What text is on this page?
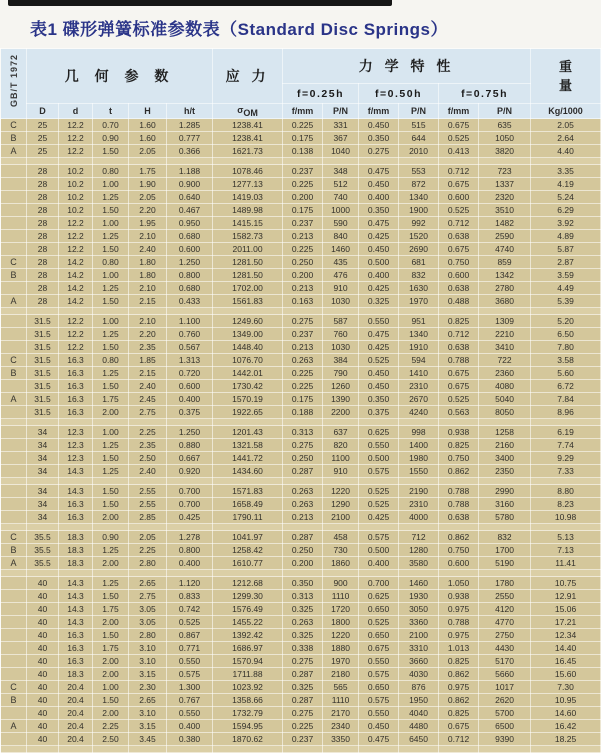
表1 碟形弹簧标准参数表（Standard Disc Springs）
GB/T 1972	几 何 参 数					应 力	力 学 特 性						重
量

							f=0.25h		f=0.50h		f=0.75h		
	D	d	t	H	h/t	$\sigma_{OM}$	f/mm	P/N	f/mm	P/N	f/mm	P/N	Kg/1000
C	25	12.2	0.70	1.60	1.285	1238.41	0.225	331	0.450	515	0.675	635	2.05
B	25	12.2	0.90	1.60	0.777	1238.41	0.175	367	0.350	644	0.525	1050	2.64
A	25	12.2	1.50	2.05	0.366	1621.73	0.138	1040	0.275	2010	0.413	3820	4.40

	28	10.2	0.80	1.75	1.188	1078.46	0.237	348	0.475	553	0.712	723	3.35
	28	10.2	1.00	1.90	0.900	1277.13	0.225	512	0.450	872	0.675	1337	4.19
	28	10.2	1.25	2.05	0.640	1419.03	0.200	740	0.400	1340	0.600	2320	5.24
	28	10.2	1.50	2.20	0.467	1489.98	0.175	1000	0.350	1900	0.525	3510	6.29
	28	12.2	1.00	1.95	0.950	1415.15	0.237	590	0.475	992	0.712	1482	3.92
	28	12.2	1.25	2.10	0.680	1582.73	0.213	840	0.425	1520	0.638	2590	4.89
	28	12.2	1.50	2.40	0.600	2011.00	0.225	1460	0.450	2690	0.675	4740	5.87
C	28	14.2	0.80	1.80	1.250	1281.50	0.250	435	0.500	681	0.750	859	2.87
B	28	14.2	1.00	1.80	0.800	1281.50	0.200	476	0.400	832	0.600	1342	3.59
	28	14.2	1.25	2.10	0.680	1702.00	0.213	910	0.425	1630	0.638	2780	4.49
A	28	14.2	1.50	2.15	0.433	1561.83	0.163	1030	0.325	1970	0.488	3680	5.39

	31.5	12.2	1.00	2.10	1.100	1249.60	0.275	587	0.550	951	0.825	1309	5.20
	31.5	12.2	1.25	2.20	0.760	1349.00	0.237	760	0.475	1340	0.712	2210	6.50
	31.5	12.2	1.50	2.35	0.567	1448.40	0.213	1030	0.425	1910	0.638	3410	7.80
C	31.5	16.3	0.80	1.85	1.313	1076.70	0.263	384	0.525	594	0.788	722	3.58
B	31.5	16.3	1.25	2.15	0.720	1442.01	0.225	790	0.450	1410	0.675	2360	5.60
	31.5	16.3	1.50	2.40	0.600	1730.42	0.225	1260	0.450	2310	0.675	4080	6.72
A	31.5	16.3	1.75	2.45	0.400	1570.19	0.175	1390	0.350	2670	0.525	5040	7.84
	31.5	16.3	2.00	2.75	0.375	1922.65	0.188	2200	0.375	4240	0.563	8050	8.96

	34	12.3	1.00	2.25	1.250	1201.43	0.313	637	0.625	998	0.938	1258	6.19
	34	12.3	1.25	2.35	0.880	1321.58	0.275	820	0.550	1400	0.825	2160	7.74
	34	12.3	1.50	2.50	0.667	1441.72	0.250	1100	0.500	1980	0.750	3400	9.29
	34	14.3	1.25	2.40	0.920	1434.60	0.287	910	0.575	1550	0.862	2350	7.33

	34	14.3	1.50	2.55	0.700	1571.83	0.263	1220	0.525	2190	0.788	2990	8.80
	34	16.3	1.50	2.55	0.700	1658.49	0.263	1290	0.525	2310	0.788	3160	8.23
	34	16.3	2.00	2.85	0.425	1790.11	0.213	2100	0.425	4000	0.638	5780	10.98

C	35.5	18.3	0.90	2.05	1.278	1041.97	0.287	458	0.575	712	0.862	832	5.13
B	35.5	18.3	1.25	2.25	0.800	1258.42	0.250	730	0.500	1280	0.750	1700	7.13
A	35.5	18.3	2.00	2.80	0.400	1610.77	0.200	1860	0.400	3580	0.600	5190	11.41

	40	14.3	1.25	2.65	1.120	1212.68	0.350	900	0.700	1460	1.050	1780	10.75
	40	14.3	1.50	2.75	0.833	1299.30	0.313	1110	0.625	1930	0.938	2550	12.91
	40	14.3	1.75	3.05	0.742	1576.49	0.325	1720	0.650	3050	0.975	4120	15.06
	40	14.3	2.00	3.05	0.525	1455.22	0.263	1800	0.525	3360	0.788	4770	17.21
	40	16.3	1.50	2.80	0.867	1392.42	0.325	1220	0.650	2100	0.975	2750	12.34
	40	16.3	1.75	3.10	0.771	1686.97	0.338	1880	0.675	3310	1.013	4430	14.40
	40	16.3	2.00	3.10	0.550	1570.94	0.275	1970	0.550	3660	0.825	5170	16.45
	40	18.3	2.00	3.15	0.575	1711.88	0.287	2180	0.575	4030	0.862	5660	15.60
C	40	20.4	1.00	2.30	1.300	1023.92	0.325	565	0.650	876	0.975	1017	7.30
B	40	20.4	1.50	2.65	0.767	1358.66	0.287	1110	0.575	1950	0.862	2620	10.95
	40	20.4	2.00	3.10	0.550	1732.79	0.275	2170	0.550	4040	0.825	5700	14.60
A	40	20.4	2.25	3.15	0.400	1594.95	0.225	2340	0.450	4480	0.675	6500	16.42
	40	20.4	2.50	3.45	0.380	1870.62	0.237	3350	0.475	6450	0.712	9390	18.25
